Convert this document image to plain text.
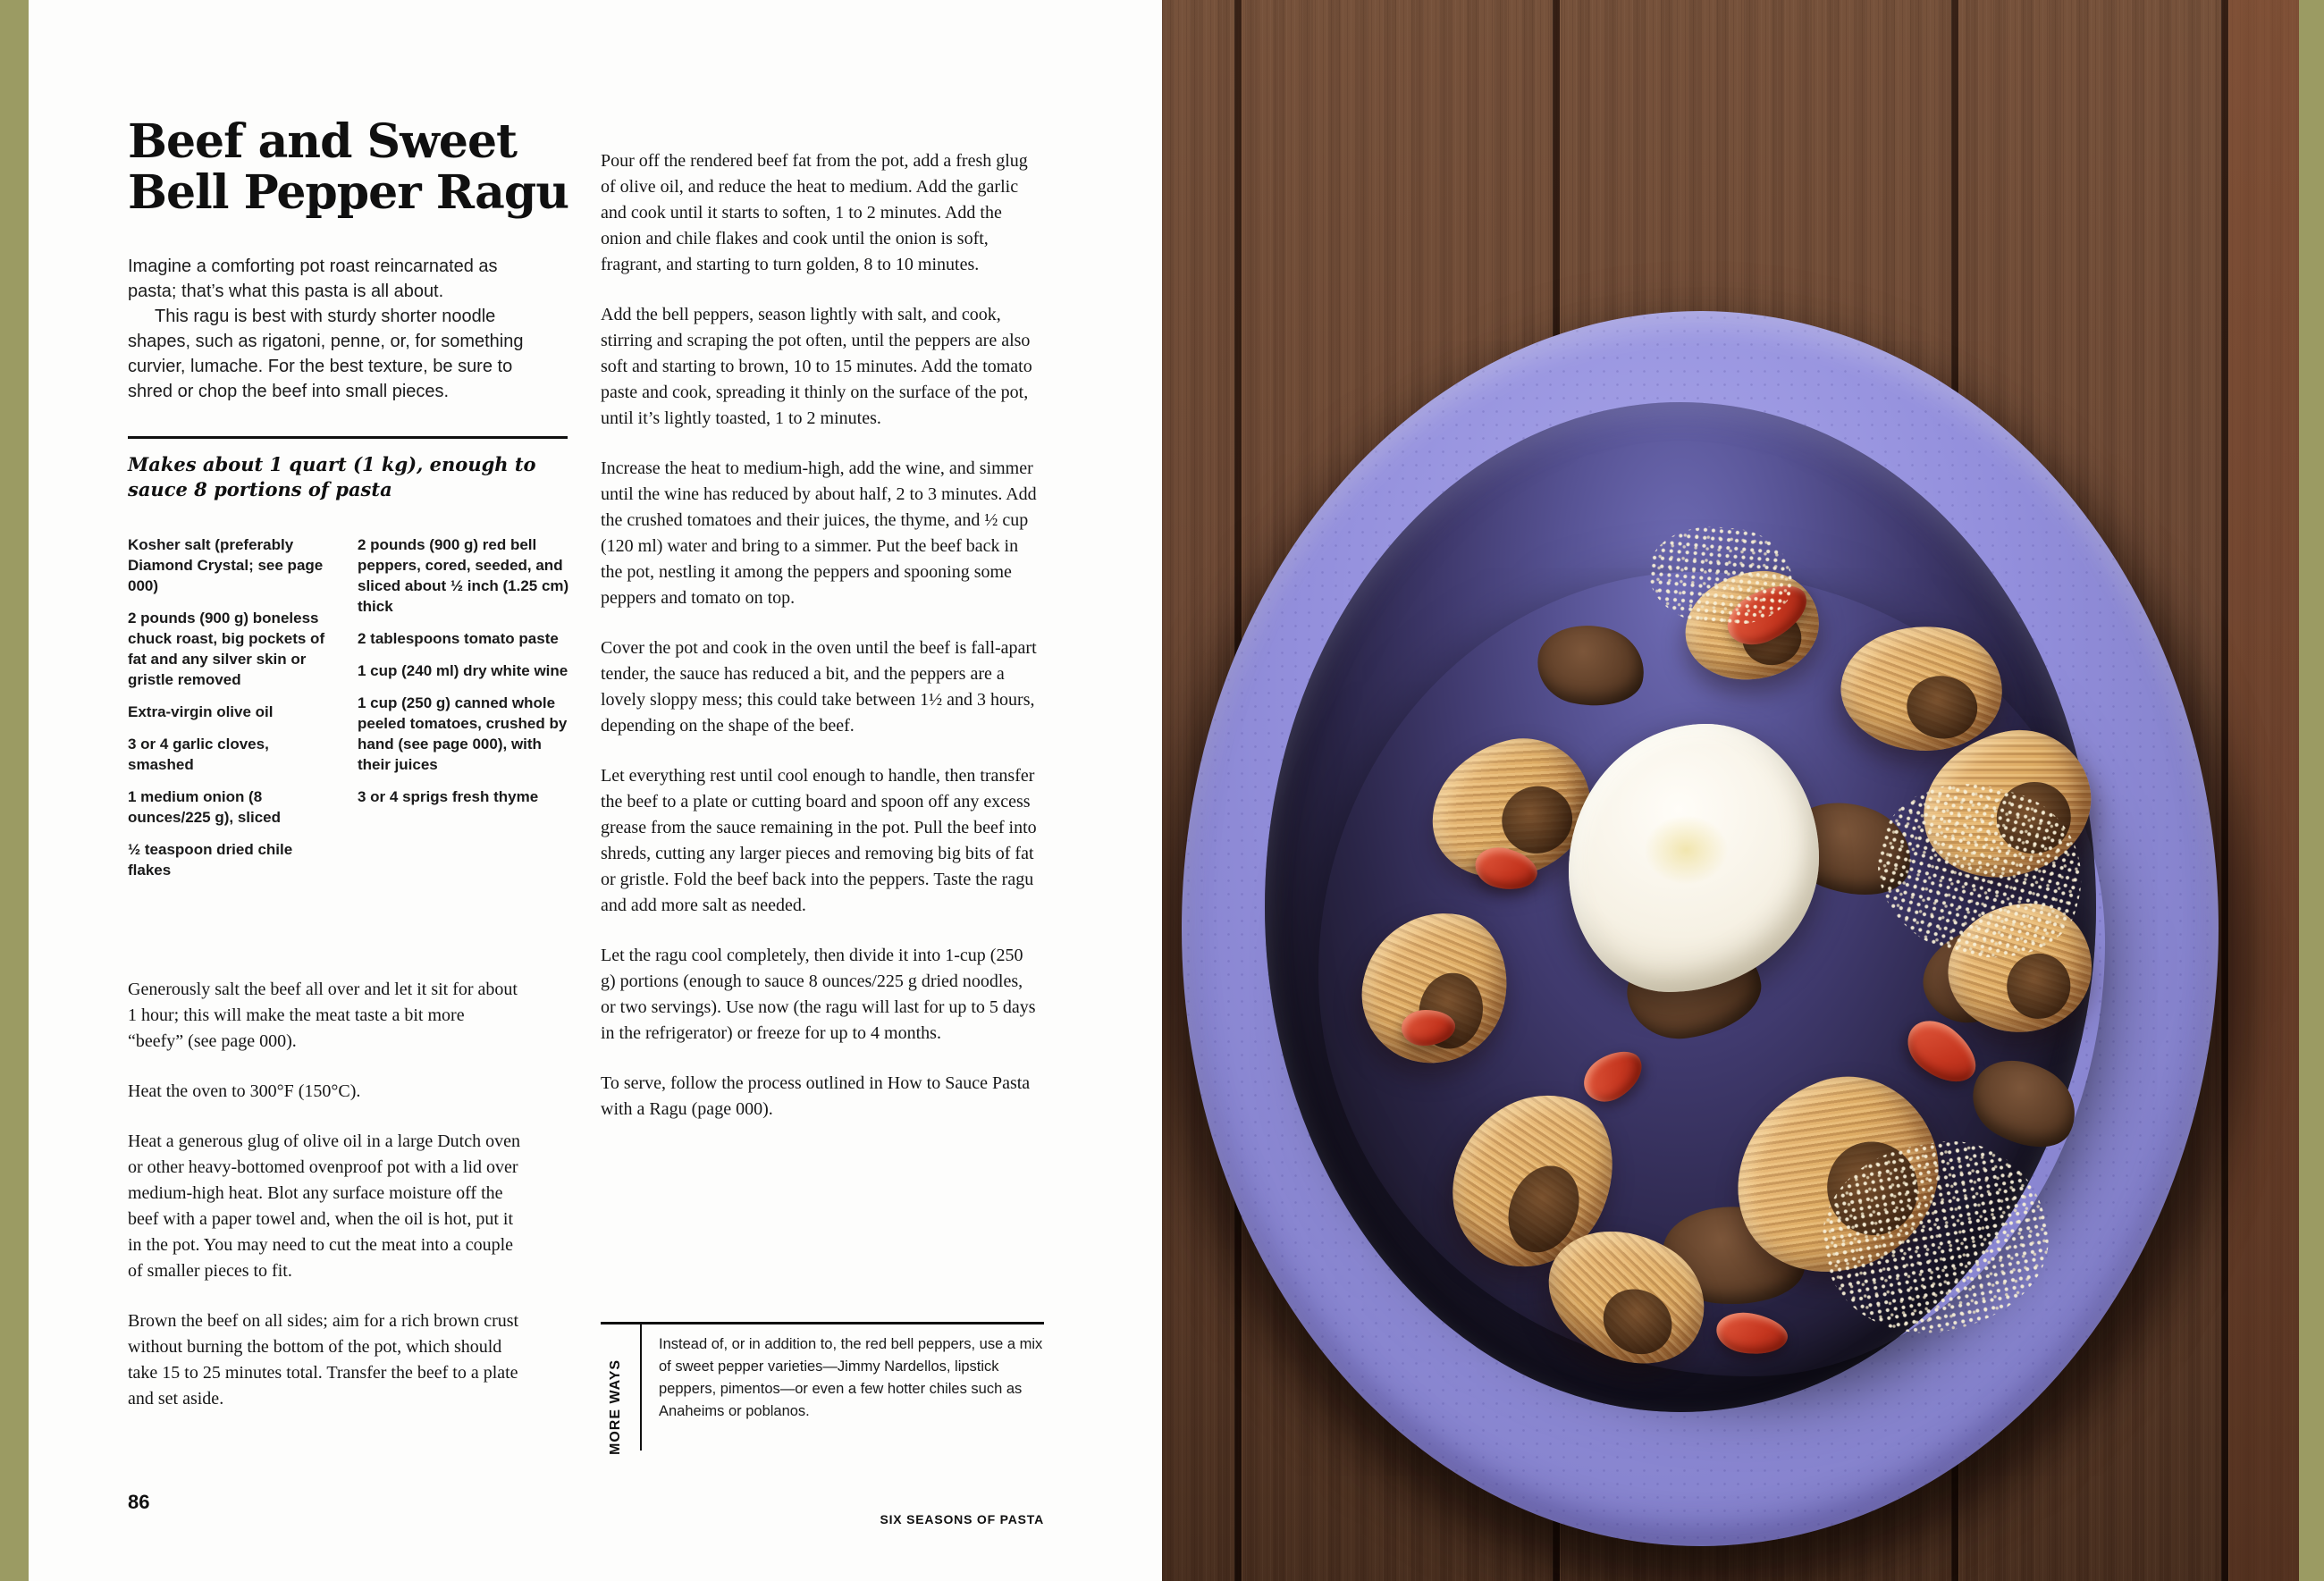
Beef and Sweet
Bell Pepper Ragu

Imagine a comforting pot roast reincarnated as pasta; that’s what this pasta is all about.

This ragu is best with sturdy shorter noodle shapes, such as rigatoni, penne, or, for something curvier, lumache. For the best texture, be sure to shred or chop the beef into small pieces.

Makes about 1 quart (1 kg), enough to sauce 8 portions of pasta

Kosher salt (preferably Diamond Crystal; see page 000)

2 pounds (900 g) boneless chuck roast, big pockets of fat and any silver skin or gristle removed

Extra-virgin olive oil

3 or 4 garlic cloves, smashed

1 medium onion (8 ounces/225 g), sliced

½ teaspoon dried chile flakes

2 pounds (900 g) red bell peppers, cored, seeded, and sliced about ½ inch (1.25 cm) thick

2 tablespoons tomato paste

1 cup (240 ml) dry white wine

1 cup (250 g) canned whole peeled tomatoes, crushed by hand (see page 000), with their juices

3 or 4 sprigs fresh thyme

Generously salt the beef all over and let it sit for about 1 hour; this will make the meat taste a bit more “beefy” (see page 000).

Heat the oven to 300°F (150°C).

Heat a generous glug of olive oil in a large Dutch oven or other heavy-bottomed ovenproof pot with a lid over medium-high heat. Blot any surface moisture off the beef with a paper towel and, when the oil is hot, put it in the pot. You may need to cut the meat into a couple of smaller pieces to fit.

Brown the beef on all sides; aim for a rich brown crust without burning the bottom of the pot, which should take 15 to 25 minutes total. Transfer the beef to a plate and set aside.

Pour off the rendered beef fat from the pot, add a fresh glug of olive oil, and reduce the heat to medium. Add the garlic and cook until it starts to soften, 1 to 2 minutes. Add the onion and chile flakes and cook until the onion is soft, fragrant, and starting to turn golden, 8 to 10 minutes.

Add the bell peppers, season lightly with salt, and cook, stirring and scraping the pot often, until the peppers are also soft and starting to brown, 10 to 15 minutes. Add the tomato paste and cook, spreading it thinly on the surface of the pot, until it’s lightly toasted, 1 to 2 minutes.

Increase the heat to medium-high, add the wine, and simmer until the wine has reduced by about half, 2 to 3 minutes. Add the crushed tomatoes and their juices, the thyme, and ½ cup (120 ml) water and bring to a simmer. Put the beef back in the pot, nestling it among the peppers and spooning some peppers and tomato on top.

Cover the pot and cook in the oven until the beef is fall-apart tender, the sauce has reduced a bit, and the peppers are a lovely sloppy mess; this could take between 1½ and 3 hours, depending on the shape of the beef.

Let everything rest until cool enough to handle, then transfer the beef to a plate or cutting board and spoon off any excess grease from the sauce remaining in the pot. Pull the beef into shreds, cutting any larger pieces and removing big bits of fat or gristle. Fold the beef back into the peppers. Taste the ragu and add more salt as needed.

Let the ragu cool completely, then divide it into 1-cup (250 g) portions (enough to sauce 8 ounces/225 g dried noodles, or two servings). Use now (the ragu will last for up to 5 days in the refrigerator) or freeze for up to 4 months.

To serve, follow the process outlined in How to Sauce Pasta with a Ragu (page 000).

MORE WAYS
Instead of, or in addition to, the red bell peppers, use a mix of sweet pepper varieties—Jimmy Nardellos, lipstick peppers, pimentos—or even a few hotter chiles such as Anaheims or poblanos.
86
SIX SEASONS OF PASTA
